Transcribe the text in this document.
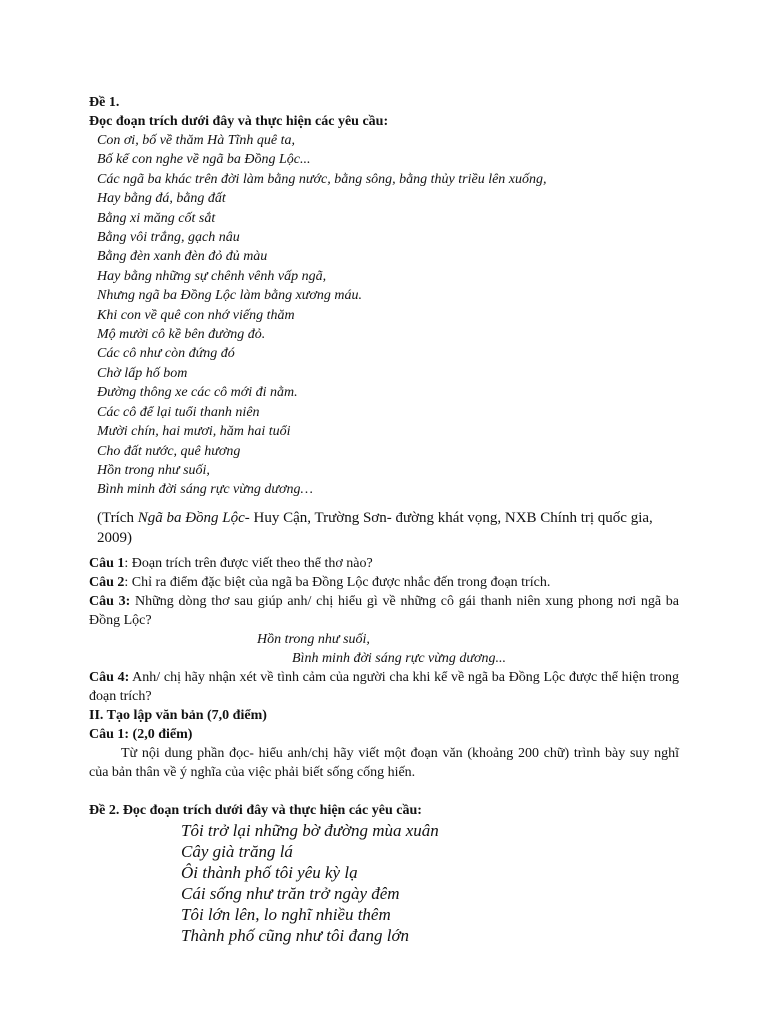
Đề 1.
Đọc đoạn trích dưới đây và thực hiện các yêu cầu:
Con ơi, bố về thăm Hà Tĩnh quê ta,
Bố kể con nghe về ngã ba Đồng Lộc...
Các ngã ba khác trên đời làm bằng nước, bằng sông, bằng thủy triều lên xuống,
Hay bằng đá, bằng đất
Bằng xi măng cốt sắt
Bằng vôi trắng, gạch nâu
Bằng đèn xanh đèn đỏ đủ màu
Hay bằng những sự chênh vênh vấp ngã,
Nhưng ngã ba Đồng Lộc làm bằng xương máu.
Khi con về quê con nhớ viếng thăm
Mộ mười cô kề bên đường đỏ.
Các cô như còn đứng đó
Chờ lấp hố bom
Đường thông xe các cô mới đi nằm.
Các cô để lại tuổi thanh niên
Mười chín, hai mươi, hăm hai tuổi
Cho đất nước, quê hương
Hồn trong như suối,
Bình minh đời sáng rực vừng dương…
(Trích Ngã ba Đồng Lộc- Huy Cận, Trường Sơn- đường khát vọng, NXB Chính trị quốc gia, 2009)
Câu 1: Đoạn trích trên được viết theo thể thơ nào?
Câu 2: Chỉ ra điểm đặc biệt của ngã ba Đồng Lộc được nhắc đến trong đoạn trích.
Câu 3: Những dòng thơ sau giúp anh/ chị hiểu gì về những cô gái thanh niên xung phong nơi ngã ba Đồng Lộc?
Hồn trong như suối,
Bình minh đời sáng rực vừng dương...
Câu 4: Anh/ chị hãy nhận xét về tình cảm của người cha khi kể về ngã ba Đồng Lộc được thể hiện trong đoạn trích?
II. Tạo lập văn bản (7,0 điểm)
Câu 1: (2,0 điểm)
Từ nội dung phần đọc- hiểu anh/chị hãy viết một đoạn văn (khoảng 200 chữ) trình bày suy nghĩ của bản thân về ý nghĩa của việc phải biết sống cống hiến.
Đề 2. Đọc đoạn trích dưới đây và thực hiện các yêu cầu:
Tôi trở lại những bờ đường mùa xuân
Cây già trăng lá
Ôi thành phố tôi yêu kỳ lạ
Cái sống như trăn trở ngày đêm
Tôi lớn lên, lo nghĩ nhiều thêm
Thành phố cũng như tôi đang lớn
